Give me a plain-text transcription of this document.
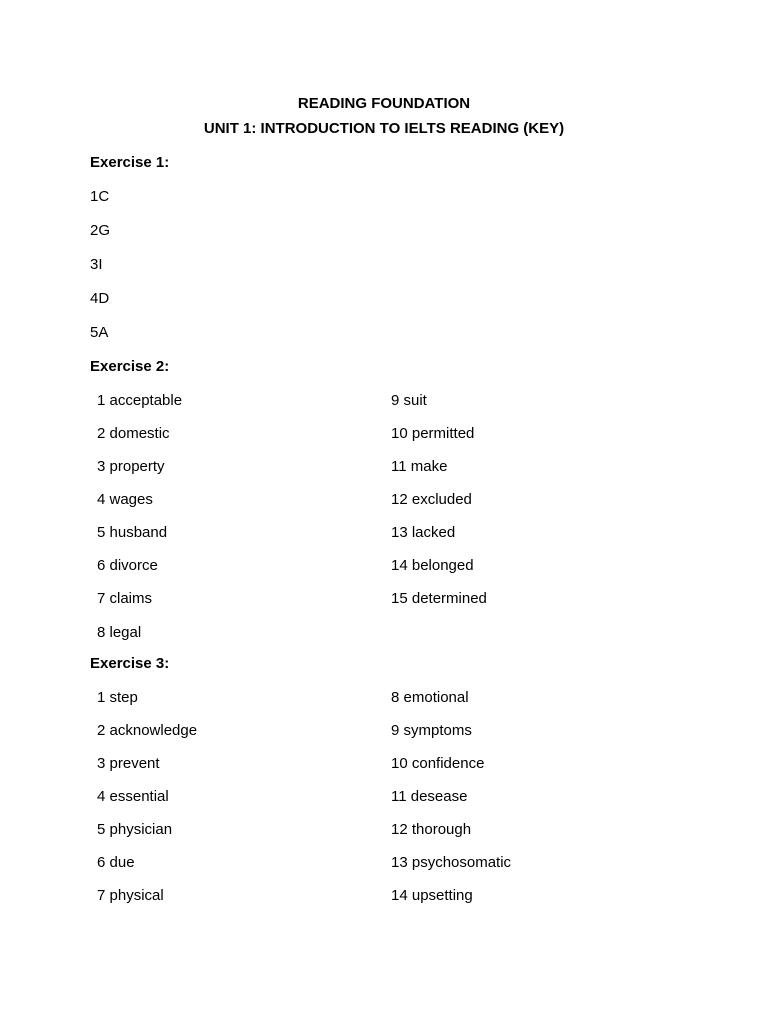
READING FOUNDATION
UNIT 1: INTRODUCTION TO IELTS READING (KEY)
Exercise 1:
1C
2G
3I
4D
5A
Exercise 2:
1 acceptable
2 domestic
3 property
4 wages
5 husband
6 divorce
7 claims
8 legal
9 suit
10 permitted
11 make
12 excluded
13 lacked
14 belonged
15 determined
Exercise 3:
1 step
2 acknowledge
3 prevent
4 essential
5 physician
6 due
7 physical
8 emotional
9 symptoms
10 confidence
11 desease
12 thorough
13 psychosomatic
14 upsetting
